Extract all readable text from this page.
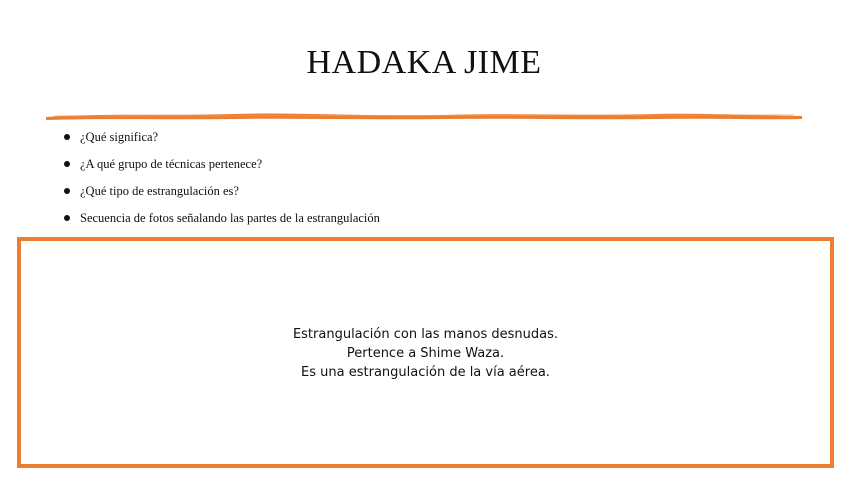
HADAKA JIME
¿Qué significa?
¿A qué grupo de técnicas pertenece?
¿Qué tipo de estrangulación es?
Secuencia de fotos señalando las partes de la estrangulación
Estrangulación con las manos desnudas.
Pertence a Shime Waza.
Es una estrangulación de la vía aérea.
